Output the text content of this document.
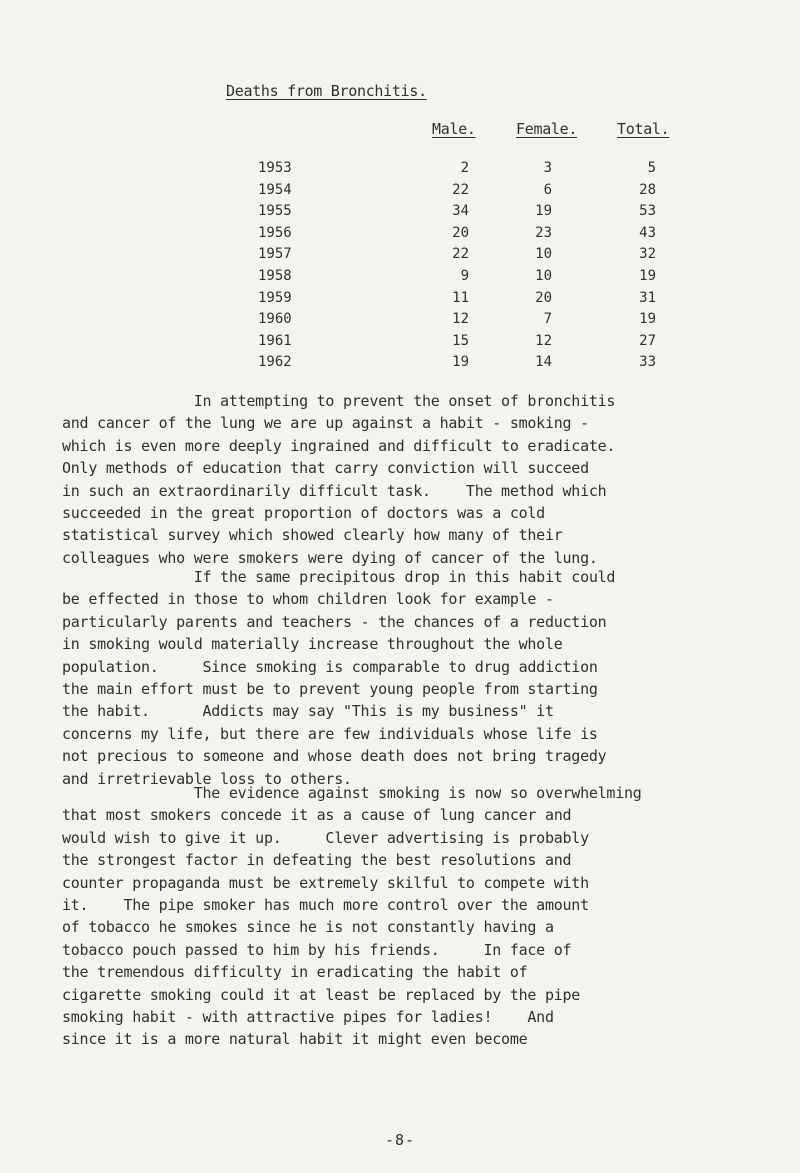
Deaths from Bronchitis.
Male.	Female.	Total.
1953	2	3	5
1954	22	6	28
1955	34	19	53
1956	20	23	43
1957	22	10	32
1958	9	10	19
1959	11	20	31
1960	12	7	19
1961	15	12	27
1962	19	14	33

In attempting to prevent the onset of bronchitis
and cancer of the lung we are up against a habit - smoking -
which is even more deeply ingrained and difficult to eradicate.
Only methods of education that carry conviction will succeed
in such an extraordinarily difficult task.    The method which
succeeded in the great proportion of doctors was a cold
statistical survey which showed clearly how many of their
colleagues who were smokers were dying of cancer of the lung.

If the same precipitous drop in this habit could
be effected in those to whom children look for example -
particularly parents and teachers - the chances of a reduction
in smoking would materially increase throughout the whole
population.     Since smoking is comparable to drug addiction
the main effort must be to prevent young people from starting
the habit.      Addicts may say "This is my business" it
concerns my life, but there are few individuals whose life is
not precious to someone and whose death does not bring tragedy
and irretrievable loss to others.

The evidence against smoking is now so overwhelming
that most smokers concede it as a cause of lung cancer and
would wish to give it up.     Clever advertising is probably
the strongest factor in defeating the best resolutions and
counter propaganda must be extremely skilful to compete with
it.    The pipe smoker has much more control over the amount
of tobacco he smokes since he is not constantly having a
tobacco pouch passed to him by his friends.     In face of
the tremendous difficulty in eradicating the habit of
cigarette smoking could it at least be replaced by the pipe
smoking habit - with attractive pipes for ladies!    And
since it is a more natural habit it might even become

-8-
